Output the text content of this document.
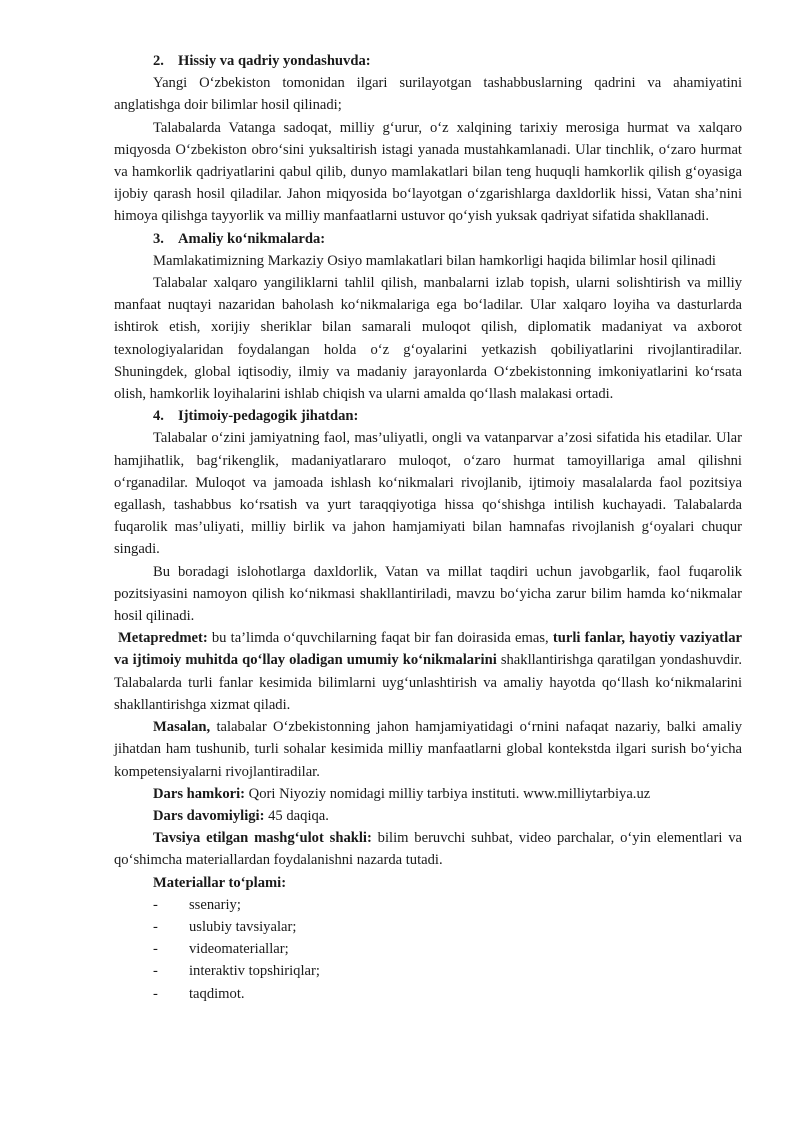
2. Hissiy va qadriy yondashuvda:

Yangi O‘zbekiston tomonidan ilgari surilayotgan tashabbuslarning qadrini va ahamiyatini anglatishga doir bilimlar hosil qilinadi;

Talabalarda Vatanga sadoqat, milliy g‘urur, o‘z xalqining tarixiy merosiga hurmat va xalqaro miqyosda O‘zbekiston obro‘sini yuksaltirish istagi yanada mustahkamlanadi. Ular tinchlik, o‘zaro hurmat va hamkorlik qadriyatlarini qabul qilib, dunyo mamlakatlari bilan teng huquqli hamkorlik qilish g‘oyasiga ijobiy qarash hosil qiladilar. Jahon miqyosida bo‘layotgan o‘zgarishlarga daxldorlik hissi, Vatan sha’nini himoya qilishga tayyorlik va milliy manfaatlarni ustuvor qo‘yish yuksak qadriyat sifatida shakllanadi.

3. Amaliy ko‘nikmalarda:

Mamlakatimizning Markaziy Osiyo mamlakatlari bilan hamkorligi haqida bilimlar hosil qilinadi

Talabalar xalqaro yangiliklarni tahlil qilish, manbalarni izlab topish, ularni solishtirish va milliy manfaat nuqtayi nazaridan baholash ko‘nikmalariga ega bo‘ladilar. Ular xalqaro loyiha va dasturlarda ishtirok etish, xorijiy sheriklar bilan samarali muloqot qilish, diplomatik madaniyat va axborot texnologiyalaridan foydalangan holda o‘z g‘oyalarini yetkazish qobiliyatlarini rivojlantiradilar. Shuningdek, global iqtisodiy, ilmiy va madaniy jarayonlarda O‘zbekistonning imkoniyatlarini ko‘rsata olish, hamkorlik loyihalarini ishlab chiqish va ularni amalda qo‘llash malakasi ortadi.

4. Ijtimoiy-pedagogik jihatdan:

Talabalar o‘zini jamiyatning faol, mas’uliyatli, ongli va vatanparvar a’zosi sifatida his etadilar. Ular hamjihatlik, bag‘rikenglik, madaniyatlararo muloqot, o‘zaro hurmat tamoyillariga amal qilishni o‘rganadilar. Muloqot va jamoada ishlash ko‘nikmalari rivojlanib, ijtimoiy masalalarda faol pozitsiya egallash, tashabbus ko‘rsatish va yurt taraqqiyotiga hissa qo‘shishga intilish kuchayadi. Talabalarda fuqarolik mas’uliyati, milliy birlik va jahon hamjamiyati bilan hamnafas rivojlanish g‘oyalari chuqur singadi.

Bu boradagi islohotlarga daxldorlik, Vatan va millat taqdiri uchun javobgarlik, faol fuqarolik pozitsiyasini namoyon qilish ko‘nikmasi shakllantiriladi, mavzu bo‘yicha zarur bilim hamda ko‘nikmalar hosil qilinadi.

Metapredmet: bu ta’limda o‘quvchilarning faqat bir fan doirasida emas, turli fanlar, hayotiy vaziyatlar va ijtimoiy muhitda qo‘llay oladigan umumiy ko‘nikmalarini shakllantirishga qaratilgan yondashuvdir. Talabalarda turli fanlar kesimida bilimlarni uyg‘unlashtirish va amaliy hayotda qo‘llash ko‘nikmalarini shakllantirishga xizmat qiladi.

Masalan, talabalar O‘zbekistonning jahon hamjamiyatidagi o‘rnini nafaqat nazariy, balki amaliy jihatdan ham tushunib, turli sohalar kesimida milliy manfaatlarni global kontekstda ilgari surish bo‘yicha kompetensiyalarni rivojlantiradilar.

Dars hamkori: Qori Niyoziy nomidagi milliy tarbiya instituti. www.milliytarbiya.uz
Dars davomiyligi: 45 daqiqa.

Tavsiya etilgan mashg‘ulot shakli: bilim beruvchi suhbat, video parchalar, o‘yin elementlari va qo‘shimcha materiallardan foydalanishni nazarda tutadi.

Materiallar to‘plami:
-	ssenariy;
-	uslubiy tavsiyalar;
-	videomateriallar;
-	interaktiv topshiriqlar;
-	taqdimot.
